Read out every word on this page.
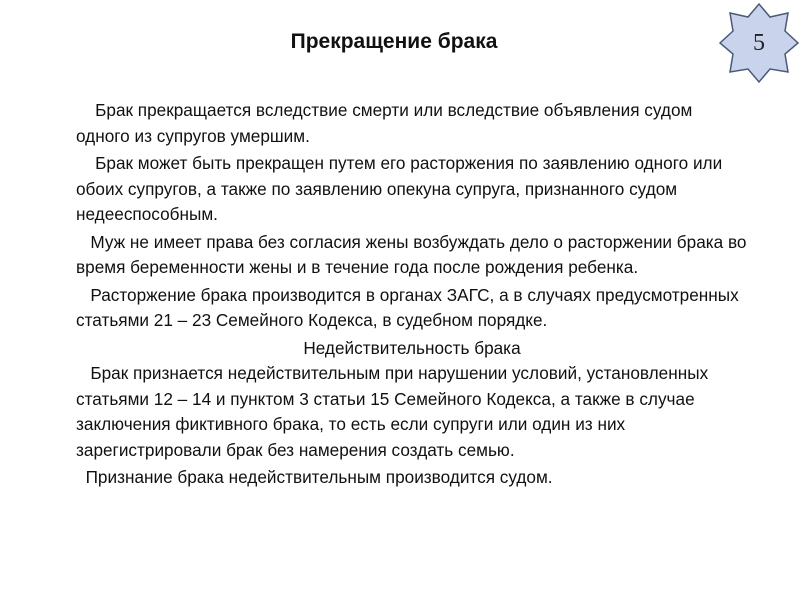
Прекращение брака	5

Брак прекращается вследствие смерти или вследствие объявления судом одного из супругов умершим.

Брак может быть прекращен путем его расторжения по заявлению одного или обоих супругов, а также по заявлению опекуна супруга, признанного судом недееспособным.

Муж не имеет права без согласия жены возбуждать дело о расторжении брака во время беременности жены и в течение года после рождения ребенка.

Расторжение брака производится в органах ЗАГС, а в случаях предусмотренных статьями 21 – 23 Семейного Кодекса, в судебном порядке.

Недействительность брака

Брак признается недействительным при нарушении условий, установленных статьями 12 – 14 и пунктом 3 статьи 15 Семейного Кодекса, а также в случае заключения фиктивного брака, то есть если супруги или один из них зарегистрировали брак без намерения создать семью.

Признание брака недействительным производится судом.
